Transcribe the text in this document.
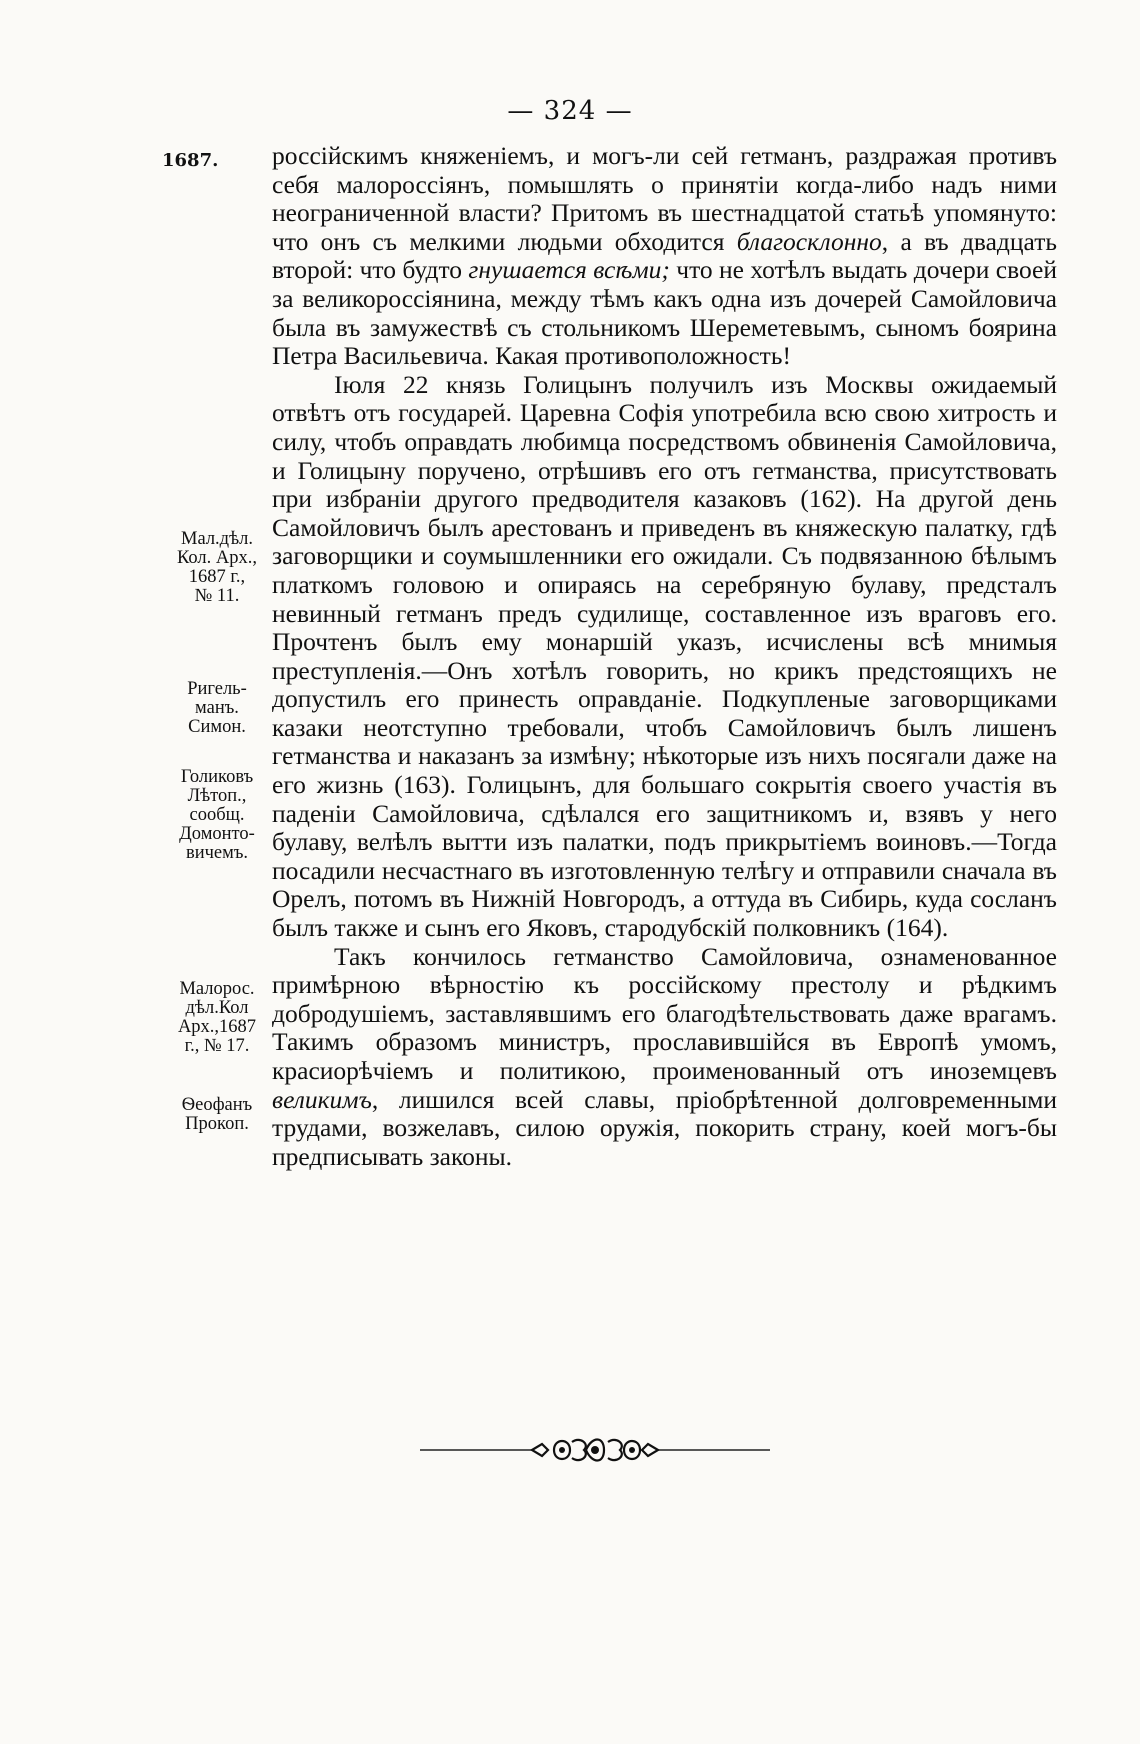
— 324 —
1687. россійскимъ княженіемъ, и могъ-ли сей гетманъ, раздражая противъ себя малороссіянъ, помышлять о принятіи когда-либо надъ ними неограниченной власти? Притомъ въ шестнадцатой статьѣ упомянуто: что онъ съ мелкими людьми обходится благосклонно, а въ двадцать второй: что будто гнушается всѣми; что не хотѣлъ выдать дочери своей за великороссіянина, между тѣмъ какъ одна изъ дочерей Самойловича была въ замужествѣ съ стольникомъ Шереметевымъ, сыномъ боярина Петра Васильевича. Какая противоположность!

Іюля 22 князь Голицынъ получилъ изъ Москвы ожидаемый отвѣтъ отъ государей. Царевна Софія употребила всю свою хитрость и силу, чтобъ оправдать любимца посредствомъ обвиненія Самойловича, и Голицыну поручено, отрѣшивъ его отъ гетманства, присутствовать при избраніи другого предводителя казаковъ (162). На другой день Самойловичъ былъ арестованъ и приведенъ въ княжескую палатку, гдѣ заговорщики и соумышленники его ожидали. Съ подвязанною бѣлымъ платкомъ головою и опираясь на серебряную булаву, предсталъ невинный гетманъ предъ судилище, составленное изъ враговъ его. Прочтенъ былъ ему монаршій указъ, исчислены всѣ мнимыя преступленія.—Онъ хотѣлъ говорить, но крикъ предстоящихъ не допустилъ его принесть оправданіе. Подкупленые заговорщиками казаки неотступно требовали, чтобъ Самойловичъ былъ лишенъ гетманства и наказанъ за измѣну; нѣкоторые изъ нихъ посягали даже на его жизнь (163). Голицынъ, для большаго сокрытія своего участія въ паденіи Самойловича, сдѣлался его защитникомъ и, взявъ у него булаву, велѣлъ вытти изъ палатки, подъ прикрытіемъ воиновъ.—Тогда посадили несчастнаго въ изготовленную телѣгу и отправили сначала въ Орелъ, потомъ въ Нижній Новгородъ, а оттуда въ Сибирь, куда сосланъ былъ также и сынъ его Яковъ, стародубскій полковникъ (164).

Такъ кончилось гетманство Самойловича, ознаменованное примѣрною вѣрностію къ россійскому престолу и рѣдкимъ добродушіемъ, заставлявшимъ его благодѣтельствовать даже врагамъ. Такимъ образомъ министръ, прославившійся въ Европѣ умомъ, красиорѣчіемъ и политикою, проименованный отъ иноземцевъ великимъ, лишился всей славы, пріобрѣтенной долговременными трудами, возжелавъ, силою оружія, покорить страну, коей могъ-бы предписывать законы.

Мал.дѣл.
Кол. Арх.,
1687 г.,
№ 11.
Ригель-
манъ.
Симон.
Голиковъ
Лѣтоп.,
сообщ.
Домонто-
вичемъ.
Малорос.
дѣл.Кол
Арх.,1687
г., № 17.
Ѳеофанъ
Прокоп.
